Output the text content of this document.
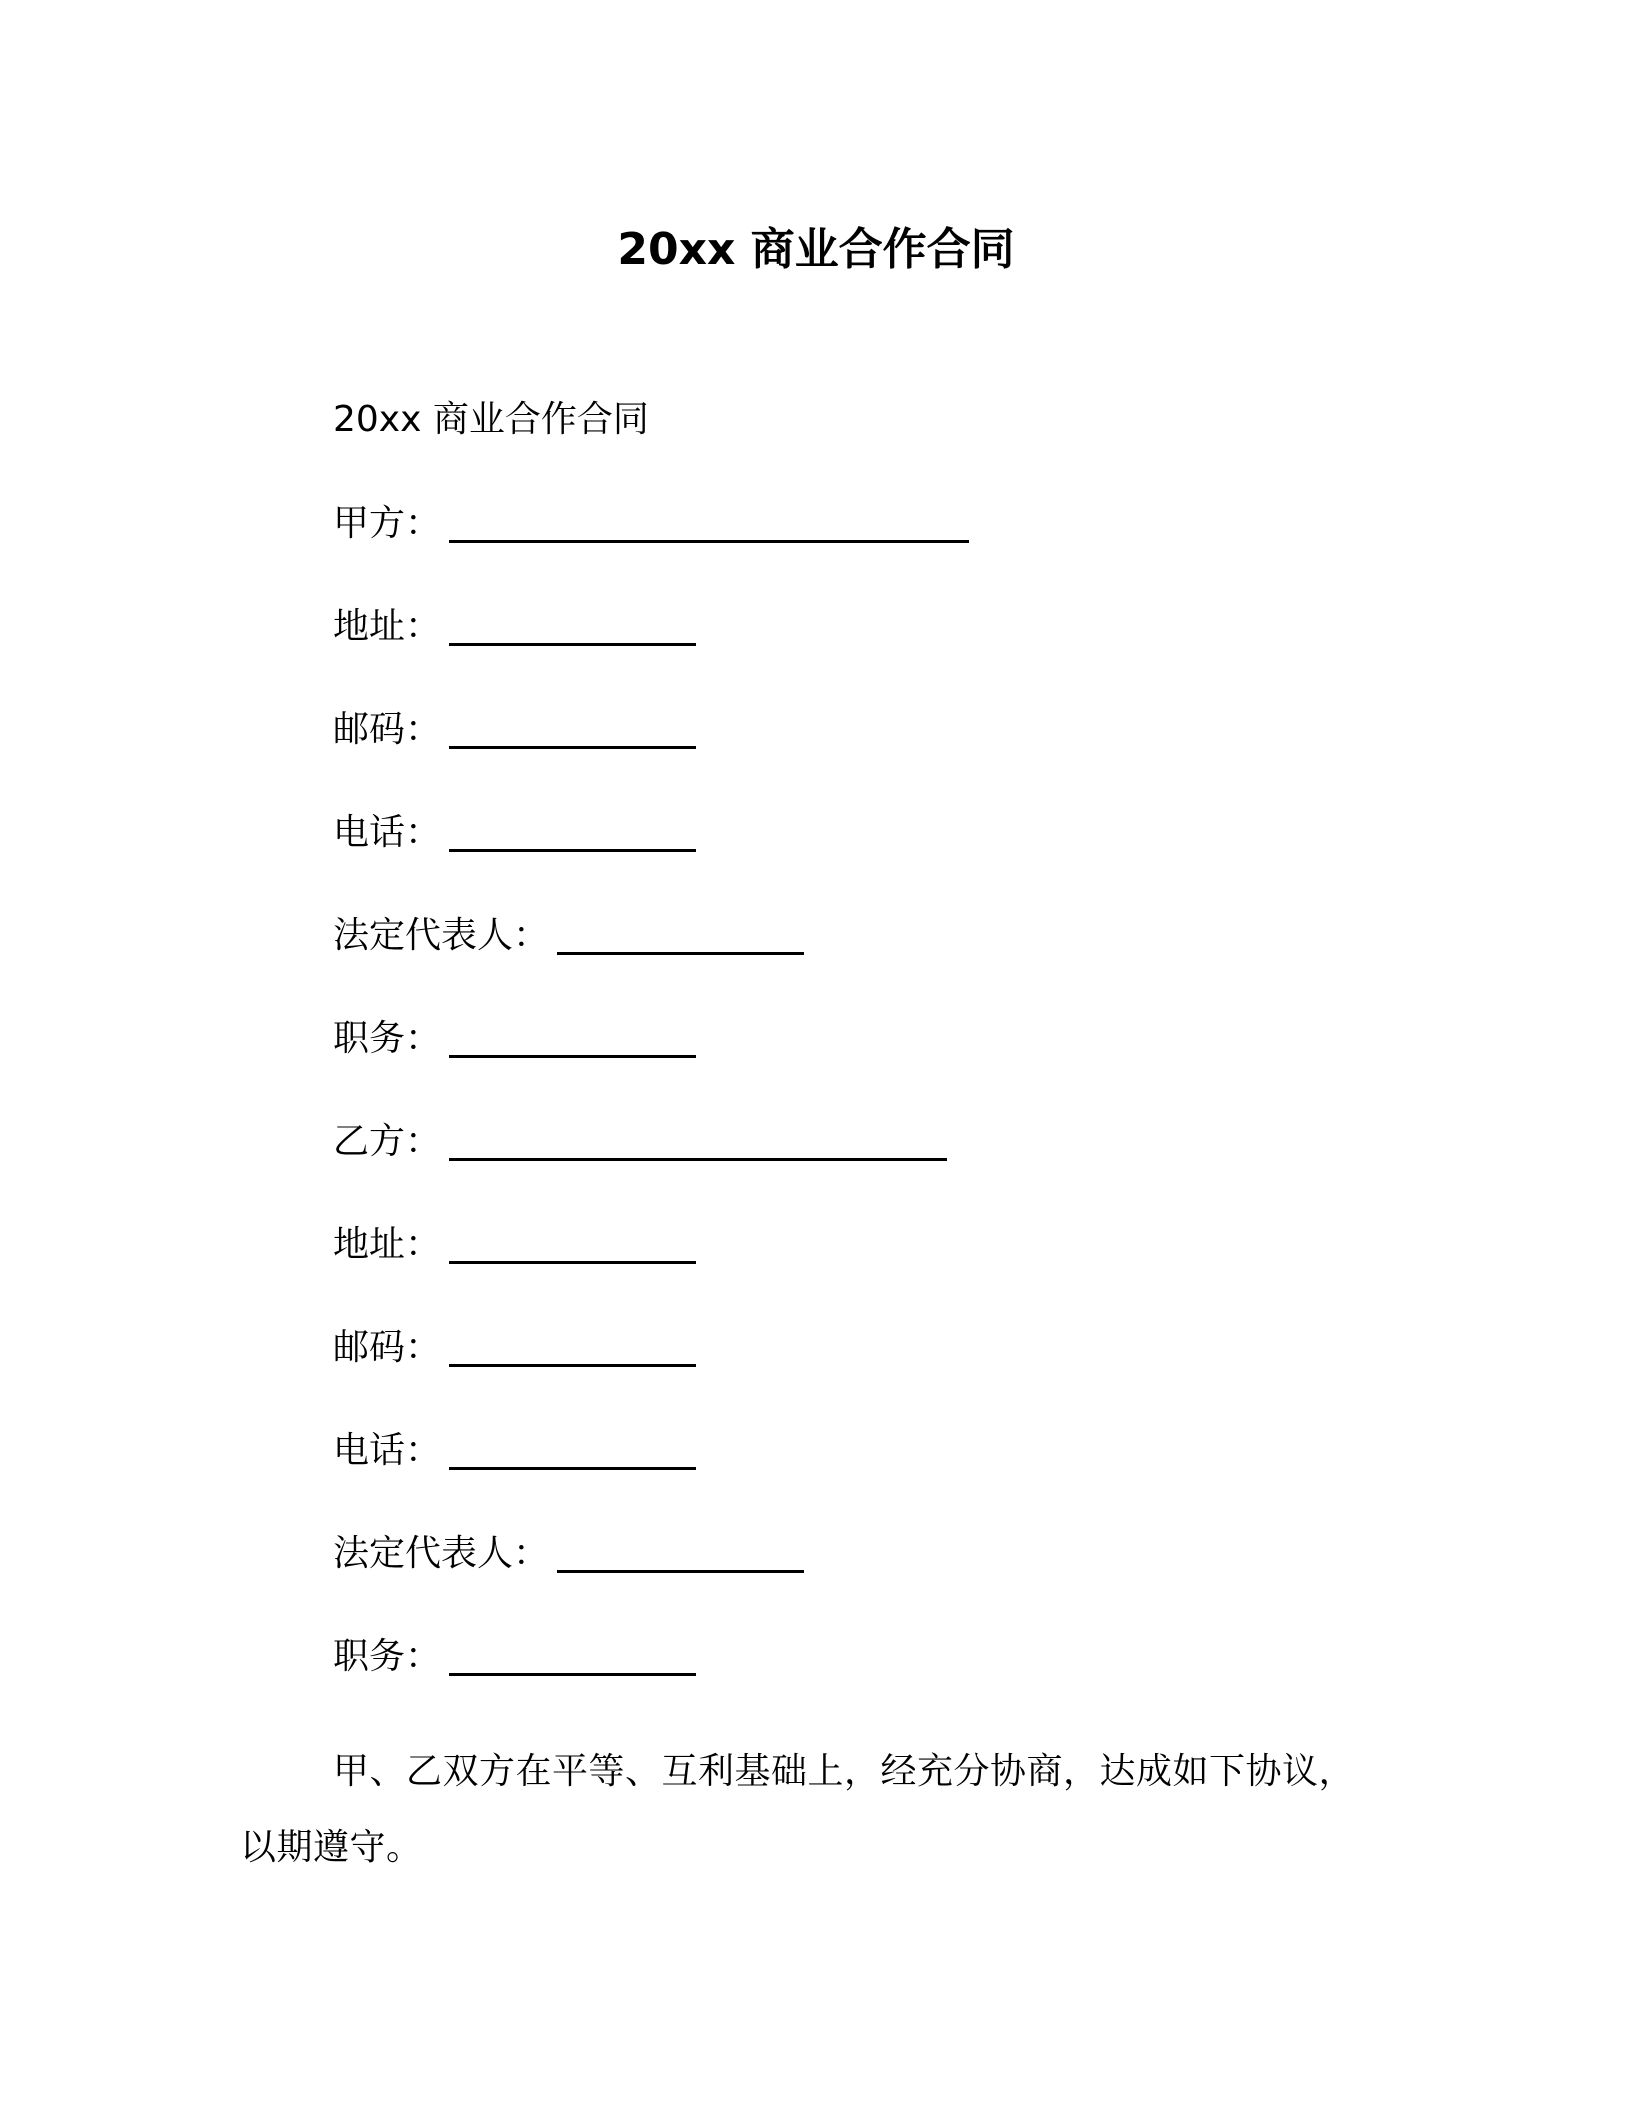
20xx 商业合作合同
20xx 商业合作合同
甲方：
地址：
邮码：
电话：
法定代表人：
职务：
乙方：
地址：
邮码：
电话：
法定代表人：
职务：
甲、乙双方在平等、互利基础上，经充分协商，达成如下协议，以期遵守。
